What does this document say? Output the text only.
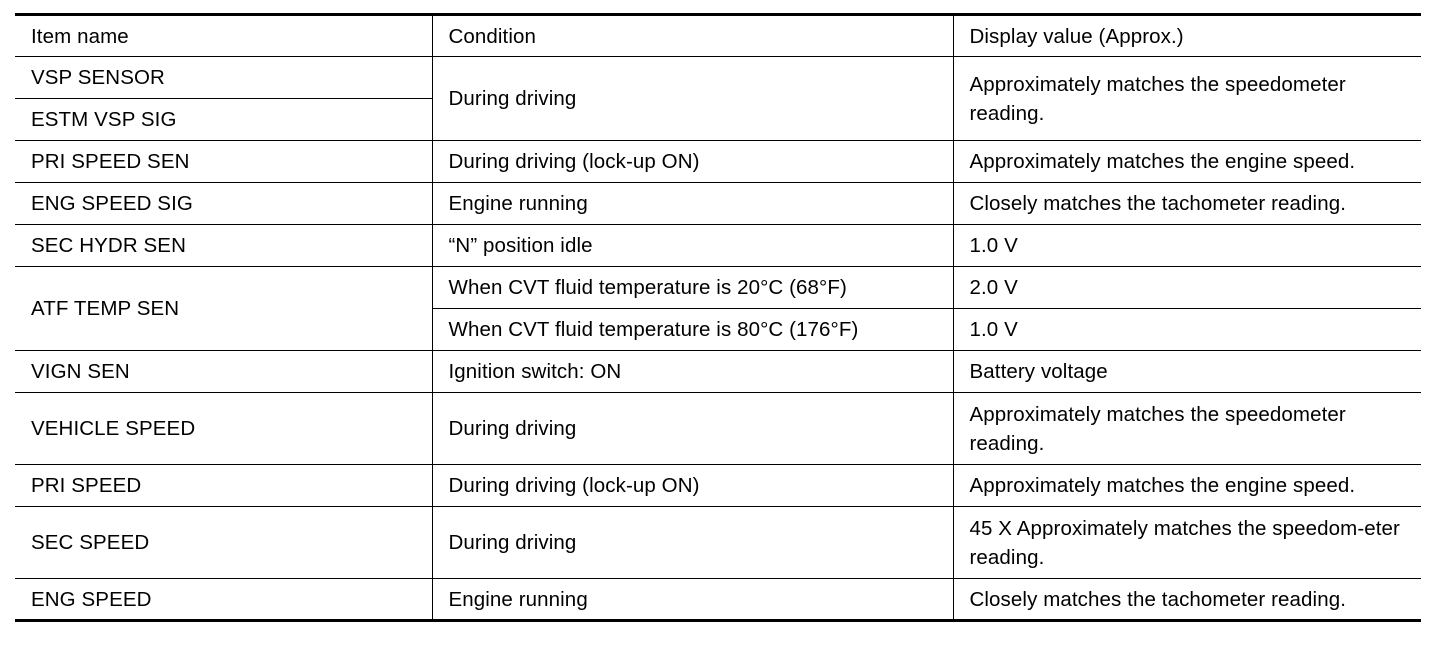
Item name	Condition	Display value (Approx.)
VSP SENSOR	During driving	Approximately matches the speedometer reading.

ESTM VSP SIG		
PRI SPEED SEN	During driving (lock-up ON)	Approximately matches the engine speed.
ENG SPEED SIG	Engine running	Closely matches the tachometer reading.
SEC HYDR SEN	“N” position idle	1.0 V
ATF TEMP SEN	When CVT fluid temperature is 20°C (68°F)	2.0 V
	When CVT fluid temperature is 80°C (176°F)	1.0 V
VIGN SEN	Ignition switch: ON	Battery voltage
VEHICLE SPEED	During driving	Approximately matches the speedometer reading.

PRI SPEED	During driving (lock-up ON)	Approximately matches the engine speed.
SEC SPEED	During driving	45 X Approximately matches the speedom-eter reading.

ENG SPEED	Engine running	Closely matches the tachometer reading.
